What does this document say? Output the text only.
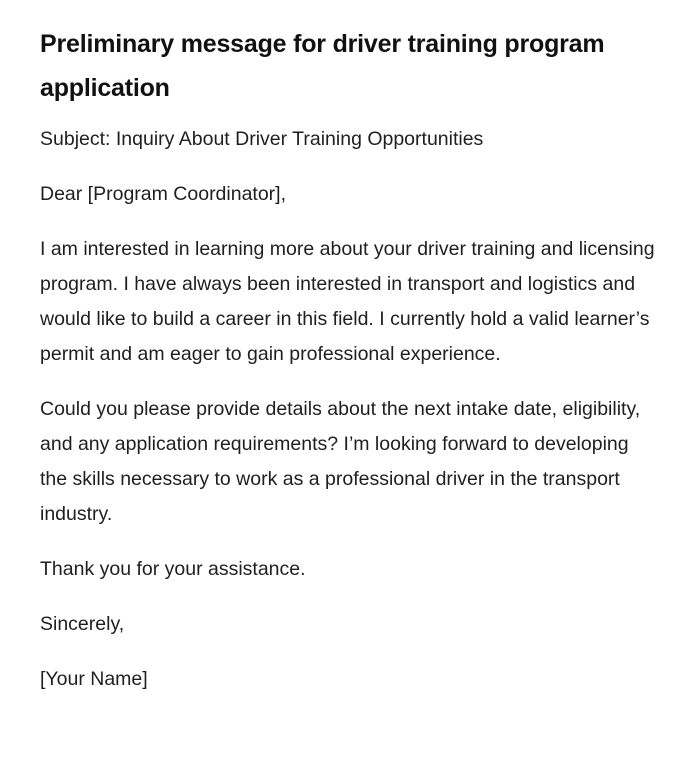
Preliminary message for driver training program application

Subject: Inquiry About Driver Training Opportunities

Dear [Program Coordinator],

I am interested in learning more about your driver training and licensing program. I have always been interested in transport and logistics and would like to build a career in this field. I currently hold a valid learner’s permit and am eager to gain professional experience.

Could you please provide details about the next intake date, eligibility, and any application requirements? I’m looking forward to developing the skills necessary to work as a professional driver in the transport industry.

Thank you for your assistance.

Sincerely,

[Your Name]
